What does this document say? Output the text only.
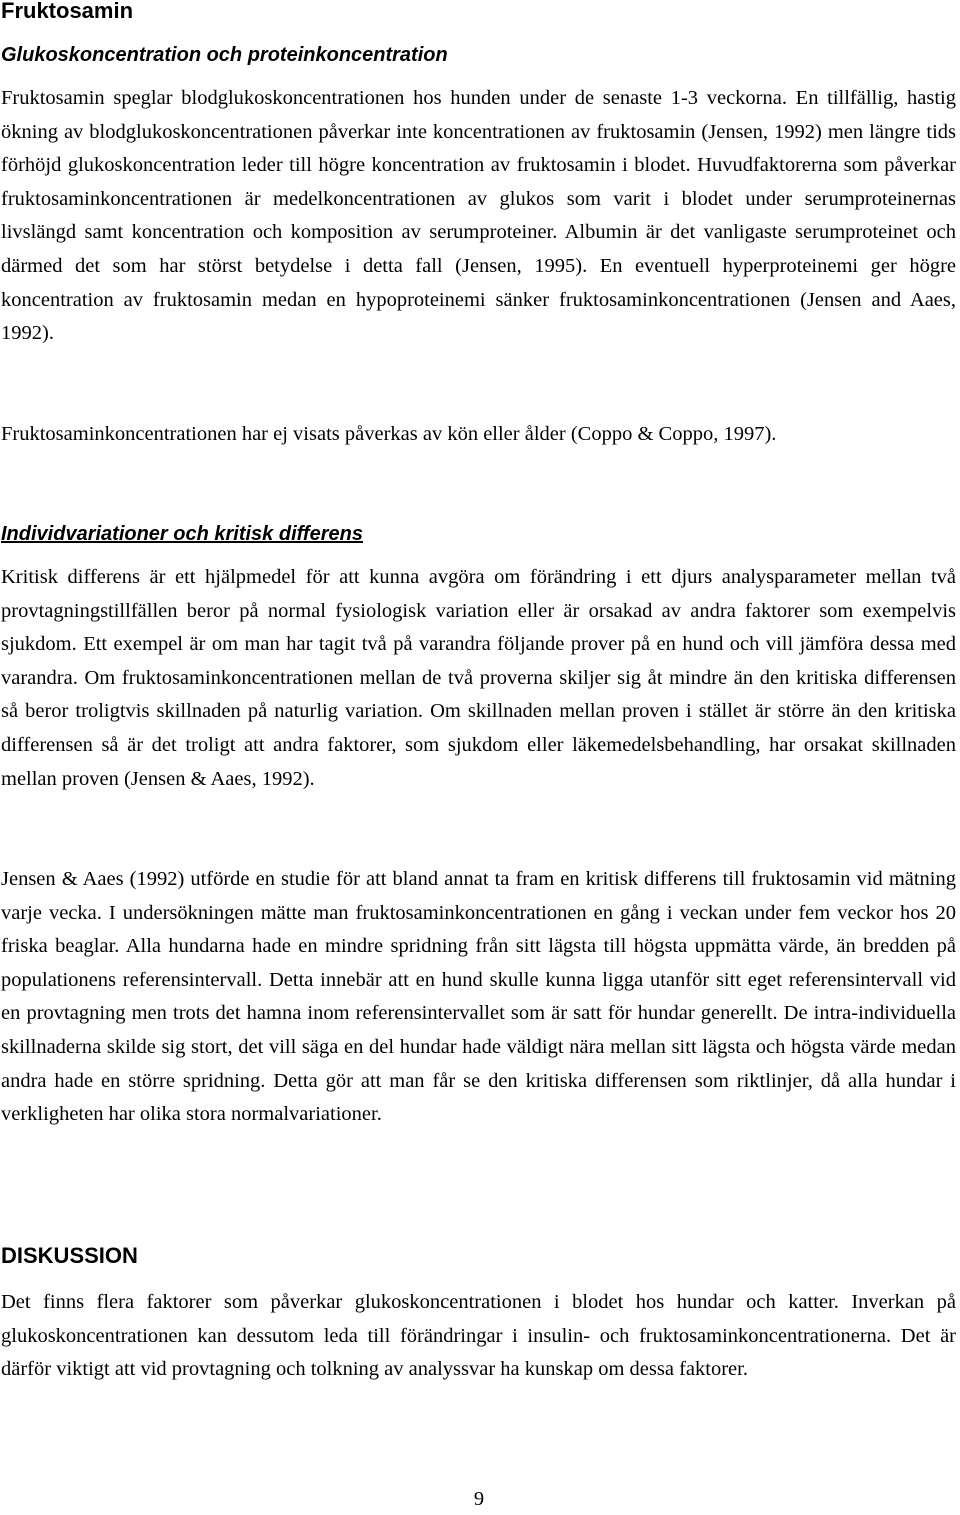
Fruktosamin
Glukoskoncentration och proteinkoncentration

Fruktosamin speglar blodglukoskoncentrationen hos hunden under de senaste 1-3 veckorna. En tillfällig, hastig ökning av blodglukoskoncentrationen påverkar inte koncentrationen av fruktosamin (Jensen, 1992) men längre tids förhöjd glukoskoncentration leder till högre koncentration av fruktosamin i blodet. Huvudfaktorerna som påverkar fruktosaminkoncentrationen är medelkoncentrationen av glukos som varit i blodet under serumproteinernas livslängd samt koncentration och komposition av serumproteiner. Albumin är det vanligaste serumproteinet och därmed det som har störst betydelse i detta fall (Jensen, 1995). En eventuell hyperproteinemi ger högre koncentration av fruktosamin medan en hypoproteinemi sänker fruktosaminkoncentrationen (Jensen and Aaes, 1992).

Fruktosaminkoncentrationen har ej visats påverkas av kön eller ålder (Coppo & Coppo, 1997).

Individvariationer och kritisk differens

Kritisk differens är ett hjälpmedel för att kunna avgöra om förändring i ett djurs analysparameter mellan två provtagningstillfällen beror på normal fysiologisk variation eller är orsakad av andra faktorer som exempelvis sjukdom. Ett exempel är om man har tagit två på varandra följande prover på en hund och vill jämföra dessa med varandra. Om fruktosaminkoncentrationen mellan de två proverna skiljer sig åt mindre än den kritiska differensen så beror troligtvis skillnaden på naturlig variation. Om skillnaden mellan proven i stället är större än den kritiska differensen så är det troligt att andra faktorer, som sjukdom eller läkemedelsbehandling, har orsakat skillnaden mellan proven (Jensen & Aaes, 1992).

Jensen & Aaes (1992) utförde en studie för att bland annat ta fram en kritisk differens till fruktosamin vid mätning varje vecka. I undersökningen mätte man fruktosaminkoncentrationen en gång i veckan under fem veckor hos 20 friska beaglar. Alla hundarna hade en mindre spridning från sitt lägsta till högsta uppmätta värde, än bredden på populationens referensintervall. Detta innebär att en hund skulle kunna ligga utanför sitt eget referensintervall vid en provtagning men trots det hamna inom referensintervallet som är satt för hundar generellt. De intra-individuella skillnaderna skilde sig stort, det vill säga en del hundar hade väldigt nära mellan sitt lägsta och högsta värde medan andra hade en större spridning. Detta gör att man får se den kritiska differensen som riktlinjer, då alla hundar i verkligheten har olika stora normalvariationer.

DISKUSSION

Det finns flera faktorer som påverkar glukoskoncentrationen i blodet hos hundar och katter. Inverkan på glukoskoncentrationen kan dessutom leda till förändringar i insulin- och fruktosaminkoncentrationerna. Det är därför viktigt att vid provtagning och tolkning av analyssvar ha kunskap om dessa faktorer.

9
